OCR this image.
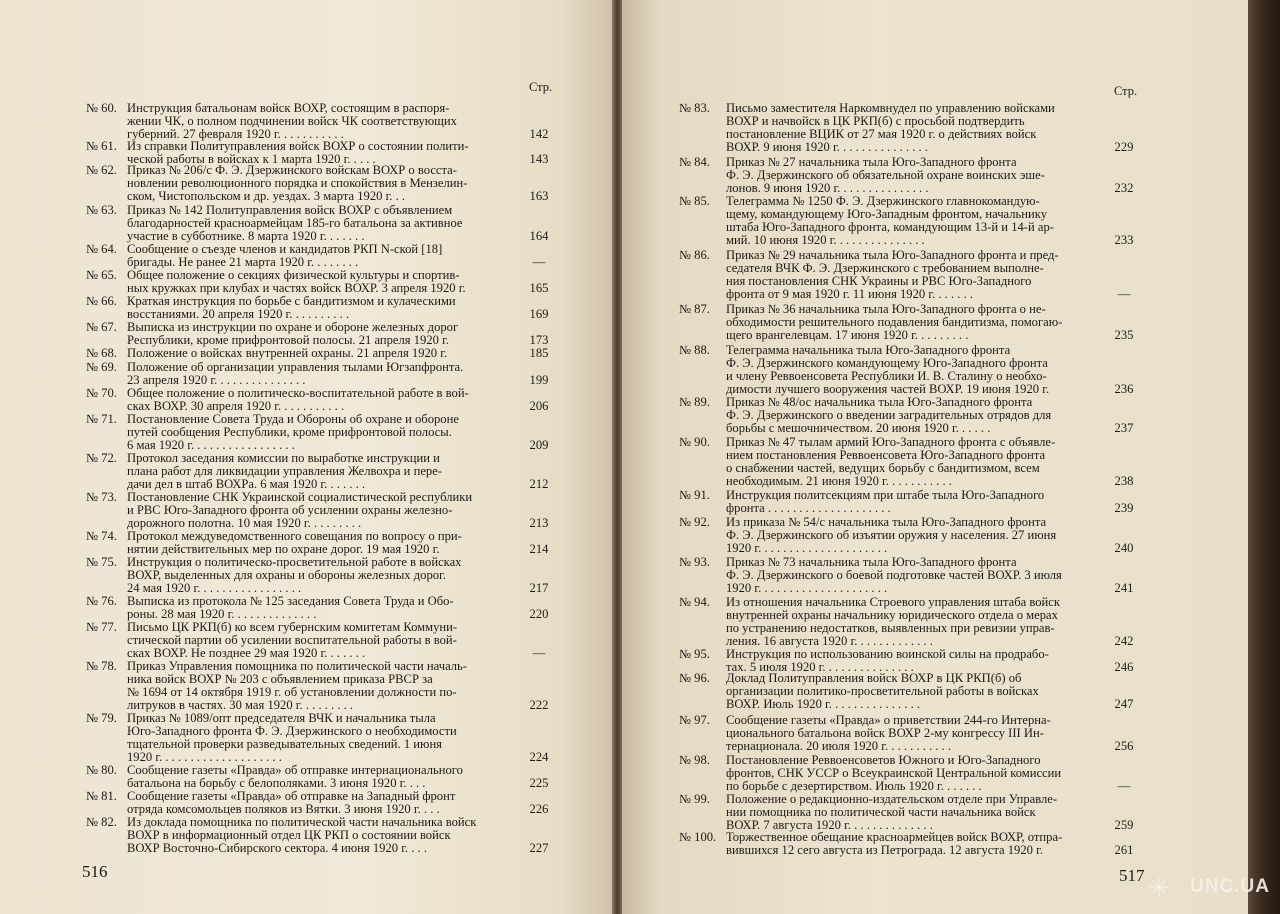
Стр.
№ 60. Инструкция батальонам войск ВОХР, состоящим в распоря-
жении ЧК, о полном подчинении войск ЧК соответствующих
губерний. 27 февраля 1920 г. . . . . . . . . . .	142
№ 61. Из справки Политуправления войск ВОХР о состоянии полити-
ческой работы в войсках к 1 марта 1920 г. . . . .	143
№ 62. Приказ № 206/с Ф. Э. Дзержинского войскам ВОХР о восста-
новлении революционного порядка и спокойствия в Мензелин-
ском, Чистопольском и др. уездах. 3 марта 1920 г. . .	163
№ 63. Приказ № 142 Политуправления войск ВОХР с объявлением
благодарностей красноармейцам 185-го батальона за активное
участие в субботнике. 8 марта 1920 г. . . . . . .	164
№ 64. Сообщение о съезде членов и кандидатов РКП N-ской [18]
бригады. Не ранее 21 марта 1920 г. . . . . . . .	—
№ 65. Общее положение о секциях физической культуры и спортив-
ных кружках при клубах и частях войск ВОХР. 3 апреля 1920 г.	165
№ 66. Краткая инструкция по борьбе с бандитизмом и кулаческими
восстаниями. 20 апреля 1920 г. . . . . . . . . .	169
№ 67. Выписка из инструкции по охране и обороне железных дорог
Республики, кроме прифронтовой полосы. 21 апреля 1920 г.	173
№ 68. Положение о войсках внутренней охраны. 21 апреля 1920 г.	185
№ 69. Положение об организации управления тылами Югзапфронта.
23 апреля 1920 г. . . . . . . . . . . . . . .	199
№ 70. Общее положение о политическо-воспитательной работе в вой-
сках ВОХР. 30 апреля 1920 г. . . . . . . . . . .	206
№ 71. Постановление Совета Труда и Обороны об охране и обороне
путей сообщения Республики, кроме прифронтовой полосы.
6 мая 1920 г. . . . . . . . . . . . . . . . .	209
№ 72. Протокол заседания комиссии по выработке инструкции и
плана работ для ликвидации управления Желвохра и пере-
дачи дел в штаб ВОХРа. 6 мая 1920 г. . . . . . .	212
№ 73. Постановление СНК Украинской социалистической республики
и РВС Юго-Западного фронта об усилении охраны железно-
дорожного полотна. 10 мая 1920 г. . . . . . . . .	213
№ 74. Протокол междуведомственного совещания по вопросу о при-
нятии действительных мер по охране дорог. 19 мая 1920 г.	214
№ 75. Инструкция о политическо-просветительной работе в войсках
ВОХР, выделенных для охраны и обороны железных дорог.
24 мая 1920 г. . . . . . . . . . . . . . . . .	217
№ 76. Выписка из протокола № 125 заседания Совета Труда и Обо-
роны. 28 мая 1920 г. . . . . . . . . . . . . .	220
№ 77. Письмо ЦК РКП(б) ко всем губернским комитетам Коммуни-
стической партии об усилении воспитательной работы в вой-
сках ВОХР. Не позднее 29 мая 1920 г. . . . . . .	—
№ 78. Приказ Управления помощника по политической части началь-
ника войск ВОХР № 203 с объявлением приказа РВСР за
№ 1694 от 14 октября 1919 г. об установлении должности по-
литруков в частях. 30 мая 1920 г. . . . . . . . .	222
№ 79. Приказ № 1089/опт председателя ВЧК и начальника тыла
Юго-Западного фронта Ф. Э. Дзержинского о необходимости
тщательной проверки разведывательных сведений. 1 июня
1920 г. . . . . . . . . . . . . . . . . . . .	224
№ 80. Сообщение газеты «Правда» об отправке интернационального
батальона на борьбу с белополяками. 3 июня 1920 г. . . .	225
№ 81. Сообщение газеты «Правда» об отправке на Западный фронт
отряда комсомольцев поляков из Вятки. 3 июня 1920 г. . . .	226
№ 82. Из доклада помощника по политической части начальника войск
ВОХР в информационный отдел ЦК РКП о состоянии войск
ВОХР Восточно-Сибирского сектора. 4 июня 1920 г. . . .	227
516
Стр.
№ 83. Письмо заместителя Наркомвнудел по управлению войсками
ВОХР и начвойск в ЦК РКП(б) с просьбой подтвердить
постановление ВЦИК от 27 мая 1920 г. о действиях войск
ВОХР. 9 июня 1920 г. . . . . . . . . . . . . . .	229
№ 84. Приказ № 27 начальника тыла Юго-Западного фронта
Ф. Э. Дзержинского об обязательной охране воинских эше-
лонов. 9 июня 1920 г. . . . . . . . . . . . . . .	232
№ 85. Телеграмма № 1250 Ф. Э. Дзержинского главнокомандую-
щему, командующему Юго-Западным фронтом, начальнику
штаба Юго-Западного фронта, командующим 13-й и 14-й ар-
мий. 10 июня 1920 г. . . . . . . . . . . . . . .	233
№ 86. Приказ № 29 начальника тыла Юго-Западного фронта и пред-
седателя ВЧК Ф. Э. Дзержинского с требованием выполне-
ния постановления СНК Украины и РВС Юго-Западного
фронта от 9 мая 1920 г. 11 июня 1920 г. . . . . . .	—
№ 87. Приказ № 36 начальника тыла Юго-Западного фронта о не-
обходимости решительного подавления бандитизма, помогаю-
щего врангелевцам. 17 июня 1920 г. . . . . . . . .	235
№ 88. Телеграмма начальника тыла Юго-Западного фронта
Ф. Э. Дзержинского командующему Юго-Западного фронта
и члену Реввоенсовета Республики И. В. Сталину о необхо-
димости лучшего вооружения частей ВОХР. 19 июня 1920 г.	236
№ 89. Приказ № 48/ос начальника тыла Юго-Западного фронта
Ф. Э. Дзержинского о введении заградительных отрядов для
борьбы с мешочничеством. 20 июня 1920 г. . . . . .	237
№ 90. Приказ № 47 тылам армий Юго-Западного фронта с объявле-
нием постановления Реввоенсовета Юго-Западного фронта
о снабжении частей, ведущих борьбу с бандитизмом, всем
необходимым. 21 июня 1920 г. . . . . . . . . . .	238
№ 91. Инструкция политсекциям при штабе тыла Юго-Западного
фронта . . . . . . . . . . . . . . . . . . . .	239
№ 92. Из приказа № 54/с начальника тыла Юго-Западного фронта
Ф. Э. Дзержинского об изъятии оружия у населения. 27 июня
1920 г. . . . . . . . . . . . . . . . . . . . .	240
№ 93. Приказ № 73 начальника тыла Юго-Западного фронта
Ф. Э. Дзержинского о боевой подготовке частей ВОХР. 3 июля
1920 г. . . . . . . . . . . . . . . . . . . . .	241
№ 94. Из отношения начальника Строевого управления штаба войск
внутренней охраны начальнику юридического отдела о мерах
по устранению недостатков, выявленных при ревизии управ-
ления. 16 августа 1920 г. . . . . . . . . . . . .	242
№ 95. Инструкция по использованию воинской силы на продрабо-
тах. 5 июля 1920 г. . . . . . . . . . . . . . .	246
№ 96. Доклад Политуправления войск ВОХР в ЦК РКП(б) об
организации политико-просветительной работы в войсках
ВОХР. Июль 1920 г. . . . . . . . . . . . . . .	247
№ 97. Сообщение газеты «Правда» о приветствии 244-го Интерна-
ционального батальона войск ВОХР 2-му конгрессу III Ин-
тернационала. 20 июля 1920 г. . . . . . . . . . .	256
№ 98. Постановление Реввоенсоветов Южного и Юго-Западного
фронтов, СНК УССР о Всеукраинской Центральной комиссии
по борьбе с дезертирством. Июль 1920 г. . . . . . .	—
№ 99. Положение о редакционно-издательском отделе при Управле-
нии помощника по политической части начальника войск
ВОХР. 7 августа 1920 г. . . . . . . . . . . . . .	259
№ 100. Торжественное обещание красноармейцев войск ВОХР, отпра-
вившихся 12 сего августа из Петрограда. 12 августа 1920 г.	261
517
UNC.UA
